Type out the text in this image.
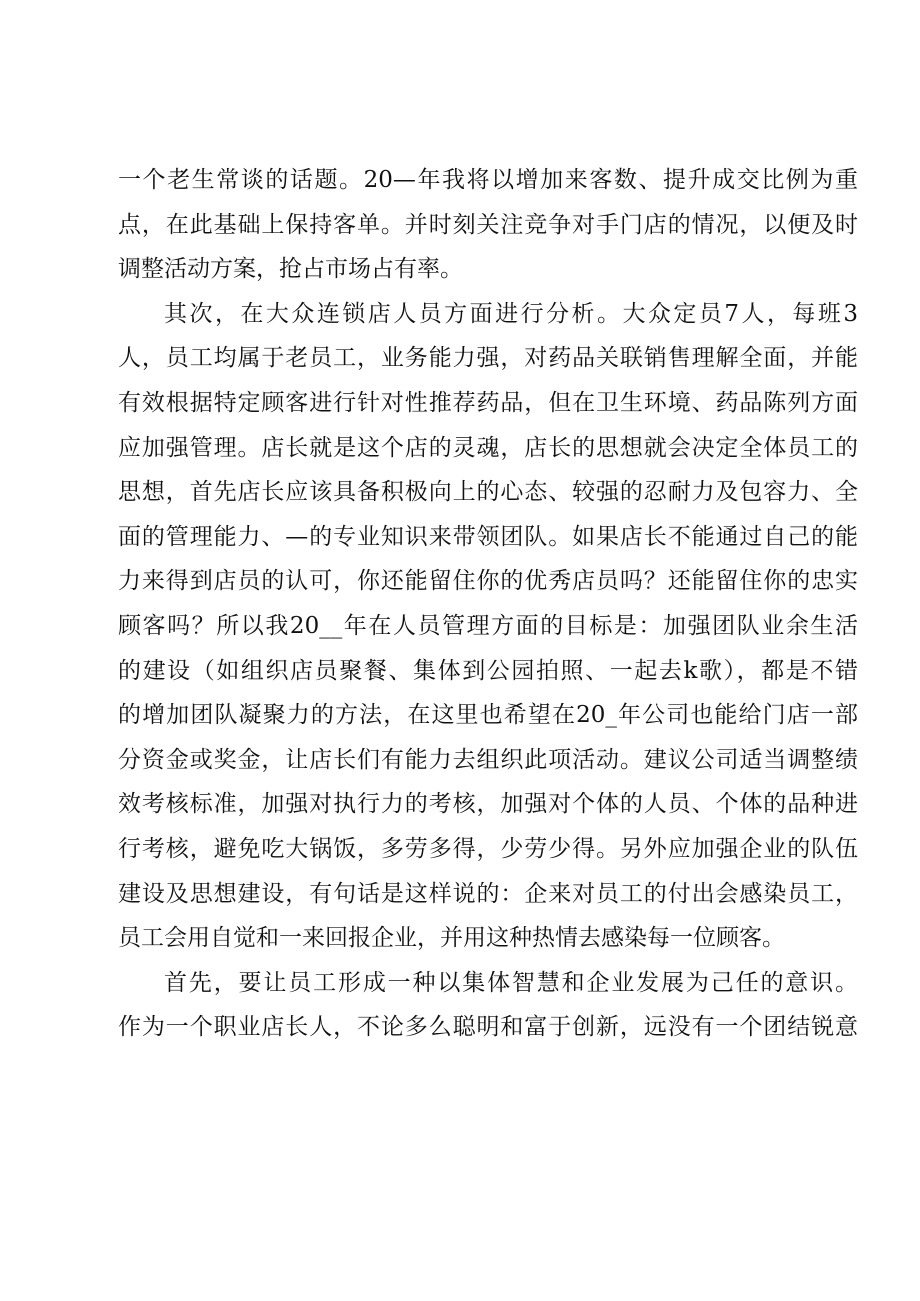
一个老生常谈的话题。20—年我将以增加来客数、提升成交比例为重
点，在此基础上保持客单。并时刻关注竞争对手门店的情况，以便及时
调整活动方案，抢占市场占有率。
其次，在大众连锁店人员方面进行分析。大众定员7人，每班3
人，员工均属于老员工，业务能力强，对药品关联销售理解全面，并能
有效根据特定顾客进行针对性推荐药品，但在卫生环境、药品陈列方面
应加强管理。店长就是这个店的灵魂，店长的思想就会决定全体员工的
思想，首先店长应该具备积极向上的心态、较强的忍耐力及包容力、全
面的管理能力、—的专业知识来带领团队。如果店长不能通过自己的能
力来得到店员的认可，你还能留住你的优秀店员吗？还能留住你的忠实
顾客吗？所以我20__年在人员管理方面的目标是：加强团队业余生活
的建设（如组织店员聚餐、集体到公园拍照、一起去k歌），都是不错
的增加团队凝聚力的方法，在这里也希望在20_年公司也能给门店一部
分资金或奖金，让店长们有能力去组织此项活动。建议公司适当调整绩
效考核标准，加强对执行力的考核，加强对个体的人员、个体的品种进
行考核，避免吃大锅饭，多劳多得，少劳少得。另外应加强企业的队伍
建设及思想建设，有句话是这样说的：企来对员工的付出会感染员工，
员工会用自觉和一来回报企业，并用这种热情去感染每一位顾客。
首先，要让员工形成一种以集体智慧和企业发展为己任的意识。
作为一个职业店长人，不论多么聪明和富于创新，远没有一个团结锐意
